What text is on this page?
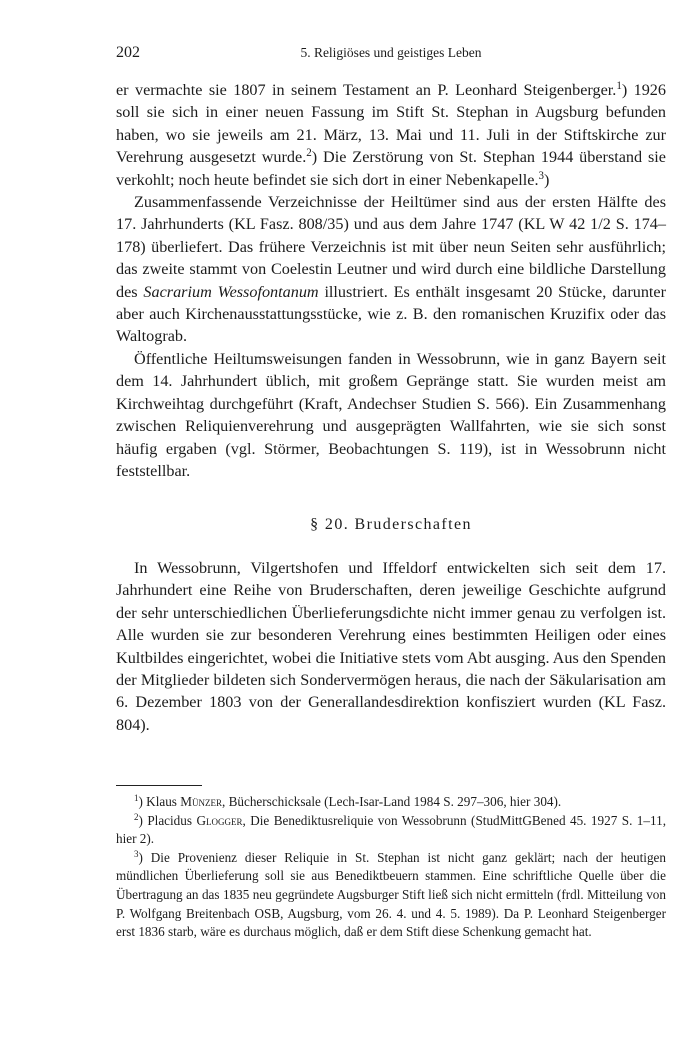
202	5. Religiöses und geistiges Leben

er vermachte sie 1807 in seinem Testament an P. Leonhard Steigenberger.$^1$) 1926 soll sie sich in einer neuen Fassung im Stift St. Stephan in Augsburg befunden haben, wo sie jeweils am 21. März, 13. Mai und 11. Juli in der Stiftskirche zur Verehrung ausgesetzt wurde.$^2$) Die Zerstörung von St. Stephan 1944 überstand sie verkohlt; noch heute befindet sie sich dort in einer Nebenkapelle.$^3$)

Zusammenfassende Verzeichnisse der Heiltümer sind aus der ersten Hälfte des 17. Jahrhunderts (KL Fasz. 808/35) und aus dem Jahre 1747 (KL W 42 1/2 S. 174–178) überliefert. Das frühere Verzeichnis ist mit über neun Seiten sehr ausführlich; das zweite stammt von Coelestin Leutner und wird durch eine bildliche Darstellung des Sacrarium Wessofontanum illustriert. Es enthält insgesamt 20 Stücke, darunter aber auch Kirchenausstattungsstücke, wie z. B. den romanischen Kruzifix oder das Waltograb.

Öffentliche Heiltumsweisungen fanden in Wessobrunn, wie in ganz Bayern seit dem 14. Jahrhundert üblich, mit großem Gepränge statt. Sie wurden meist am Kirchweihtag durchgeführt (Kraft, Andechser Studien S. 566). Ein Zusammenhang zwischen Reliquienverehrung und ausgeprägten Wallfahrten, wie sie sich sonst häufig ergaben (vgl. Störmer, Beobachtungen S. 119), ist in Wessobrunn nicht feststellbar.

§ 20. Bruderschaften

In Wessobrunn, Vilgertshofen und Iffeldorf entwickelten sich seit dem 17. Jahrhundert eine Reihe von Bruderschaften, deren jeweilige Geschichte aufgrund der sehr unterschiedlichen Überlieferungsdichte nicht immer genau zu verfolgen ist. Alle wurden sie zur besonderen Verehrung eines bestimmten Heiligen oder eines Kultbildes eingerichtet, wobei die Initiative stets vom Abt ausging. Aus den Spenden der Mitglieder bildeten sich Sondervermögen heraus, die nach der Säkularisation am 6. Dezember 1803 von der Generallandesdirektion konfisziert wurden (KL Fasz. 804).

$^1$) Klaus Münzer, Bücherschicksale (Lech-Isar-Land 1984 S. 297–306, hier 304).

$^2$) Placidus Glogger, Die Benediktusreliquie von Wessobrunn (StudMittGBened 45. 1927 S. 1–11, hier 2).

$^3$) Die Provenienz dieser Reliquie in St. Stephan ist nicht ganz geklärt; nach der heutigen mündlichen Überlieferung soll sie aus Benediktbeuern stammen. Eine schriftliche Quelle über die Übertragung an das 1835 neu gegründete Augsburger Stift ließ sich nicht ermitteln (frdl. Mitteilung von P. Wolfgang Breitenbach OSB, Augsburg, vom 26. 4. und 4. 5. 1989). Da P. Leonhard Steigenberger erst 1836 starb, wäre es durchaus möglich, daß er dem Stift diese Schenkung gemacht hat.
